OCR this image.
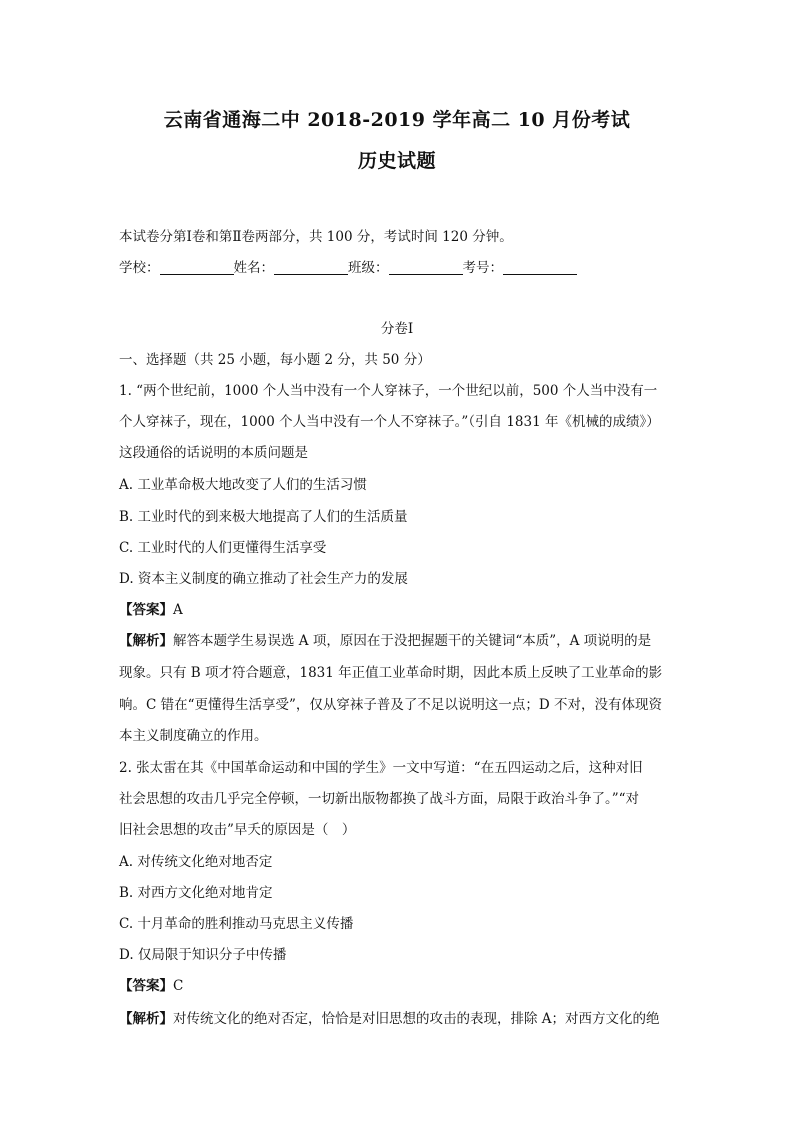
云南省通海二中 2018-2019 学年高二 10 月份考试
历史试题

本试卷分第Ⅰ卷和第Ⅱ卷两部分，共 100 分，考试时间 120 分钟。

学校：	姓名：	班级：	考号：

分卷Ⅰ

一、选择题（共 25 小题，每小题 2 分，共 50 分）

1. “两个世纪前，1000 个人当中没有一个人穿袜子，一个世纪以前，500 个人当中没有一

个人穿袜子，现在，1000 个人当中没有一个人不穿袜子。”（引自 1831 年《机械的成绩》）

这段通俗的话说明的本质问题是

A. 工业革命极大地改变了人们的生活习惯

B. 工业时代的到来极大地提高了人们的生活质量

C. 工业时代的人们更懂得生活享受

D. 资本主义制度的确立推动了社会生产力的发展

【答案】A

【解析】解答本题学生易误选 A 项，原因在于没把握题干的关键词“本质”，A 项说明的是

现象。只有 B 项才符合题意，1831 年正值工业革命时期，因此本质上反映了工业革命的影

响。C 错在“更懂得生活享受”，仅从穿袜子普及了不足以说明这一点；D 不对，没有体现资

本主义制度确立的作用。

2. 张太雷在其《中国革命运动和中国的学生》一文中写道：“在五四运动之后，这种对旧

社会思想的攻击几乎完全停顿，一切新出版物都换了战斗方面，局限于政治斗争了。”“对

旧社会思想的攻击”早夭的原因是（　）

A. 对传统文化绝对地否定

B. 对西方文化绝对地肯定

C. 十月革命的胜利推动马克思主义传播

D. 仅局限于知识分子中传播

【答案】C

【解析】对传统文化的绝对否定，恰恰是对旧思想的攻击的表现，排除 A；对西方文化的绝
